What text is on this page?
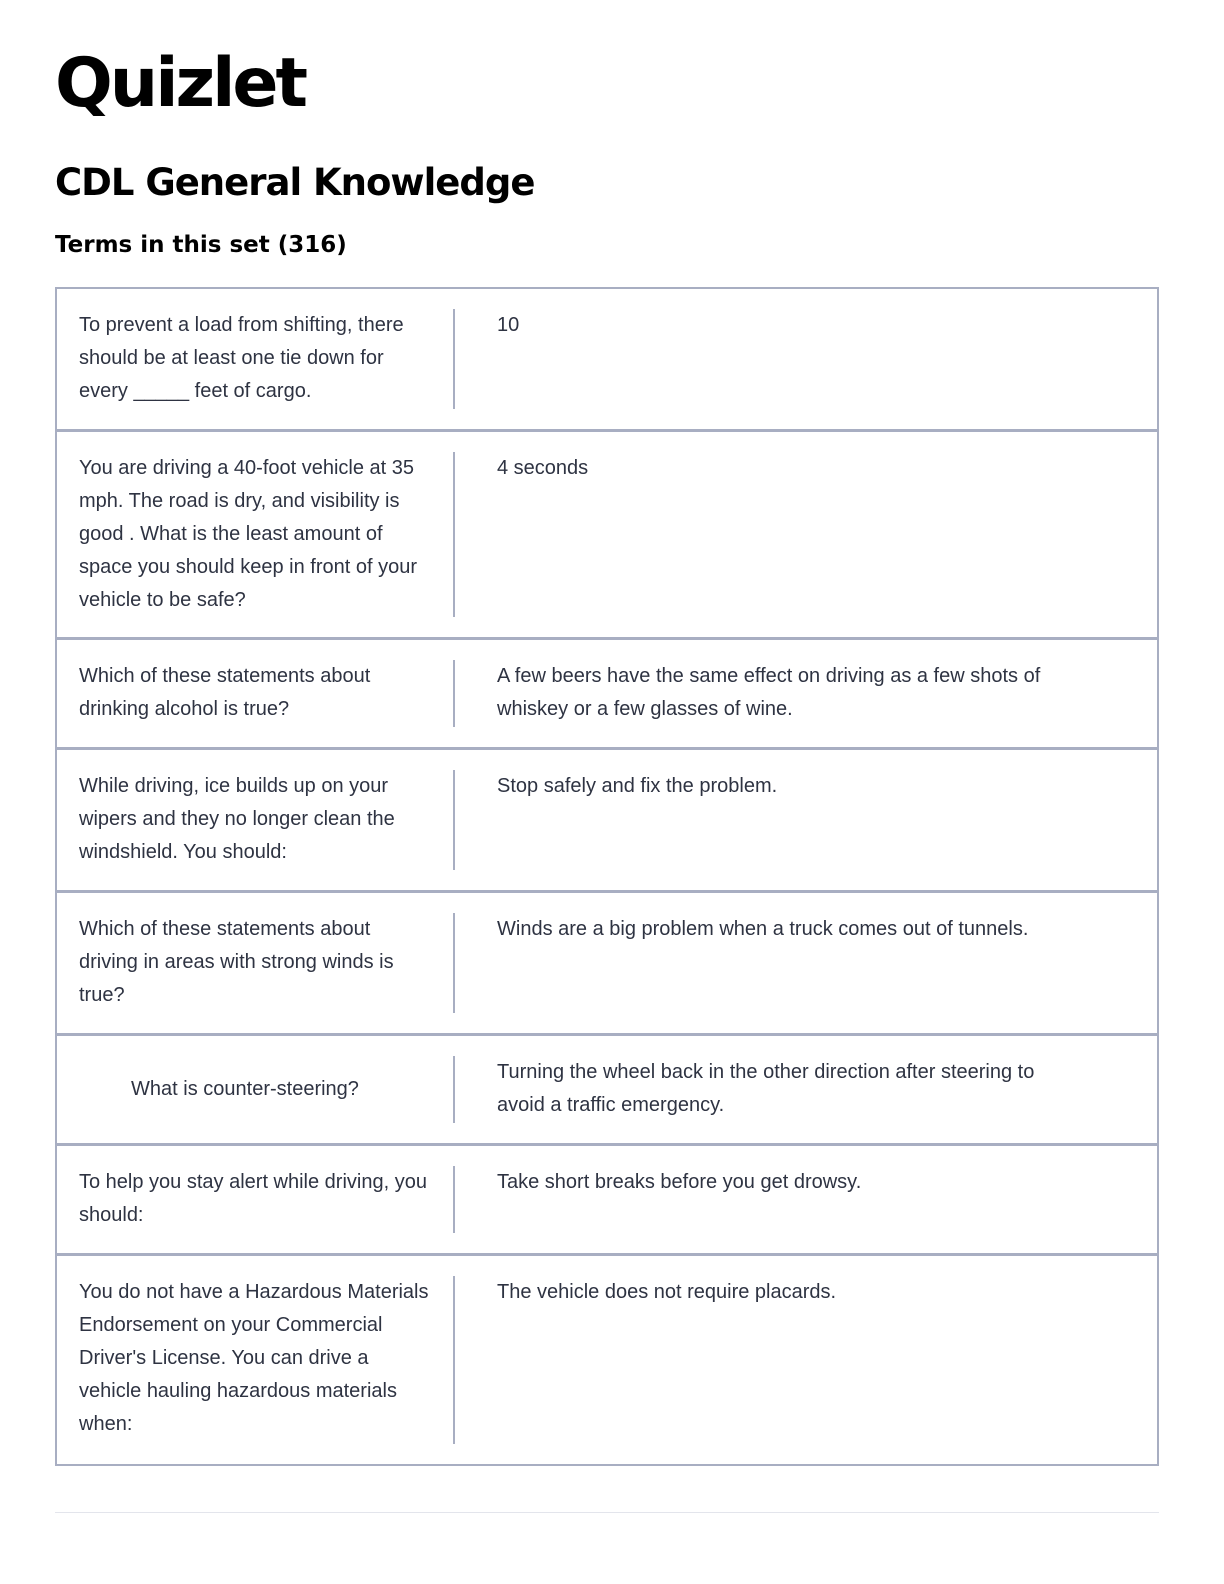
Quizlet
CDL General Knowledge
Terms in this set (316)
To prevent a load from shifting, there should be at least one tie down for every _____ feet of cargo.
10
You are driving a 40-foot vehicle at 35 mph. The road is dry, and visibility is good . What is the least amount of space you should keep in front of your vehicle to be safe?
4 seconds
Which of these statements about drinking alcohol is true?
A few beers have the same effect on driving as a few shots of whiskey or a few glasses of wine.
While driving, ice builds up on your wipers and they no longer clean the windshield. You should:
Stop safely and fix the problem.
Which of these statements about driving in areas with strong winds is true?
Winds are a big problem when a truck comes out of tunnels.
What is counter-steering?
Turning the wheel back in the other direction after steering to avoid a traffic emergency.
To help you stay alert while driving, you should:
Take short breaks before you get drowsy.
You do not have a Hazardous Materials Endorsement on your Commercial Driver's License. You can drive a vehicle hauling hazardous materials when:
The vehicle does not require placards.
